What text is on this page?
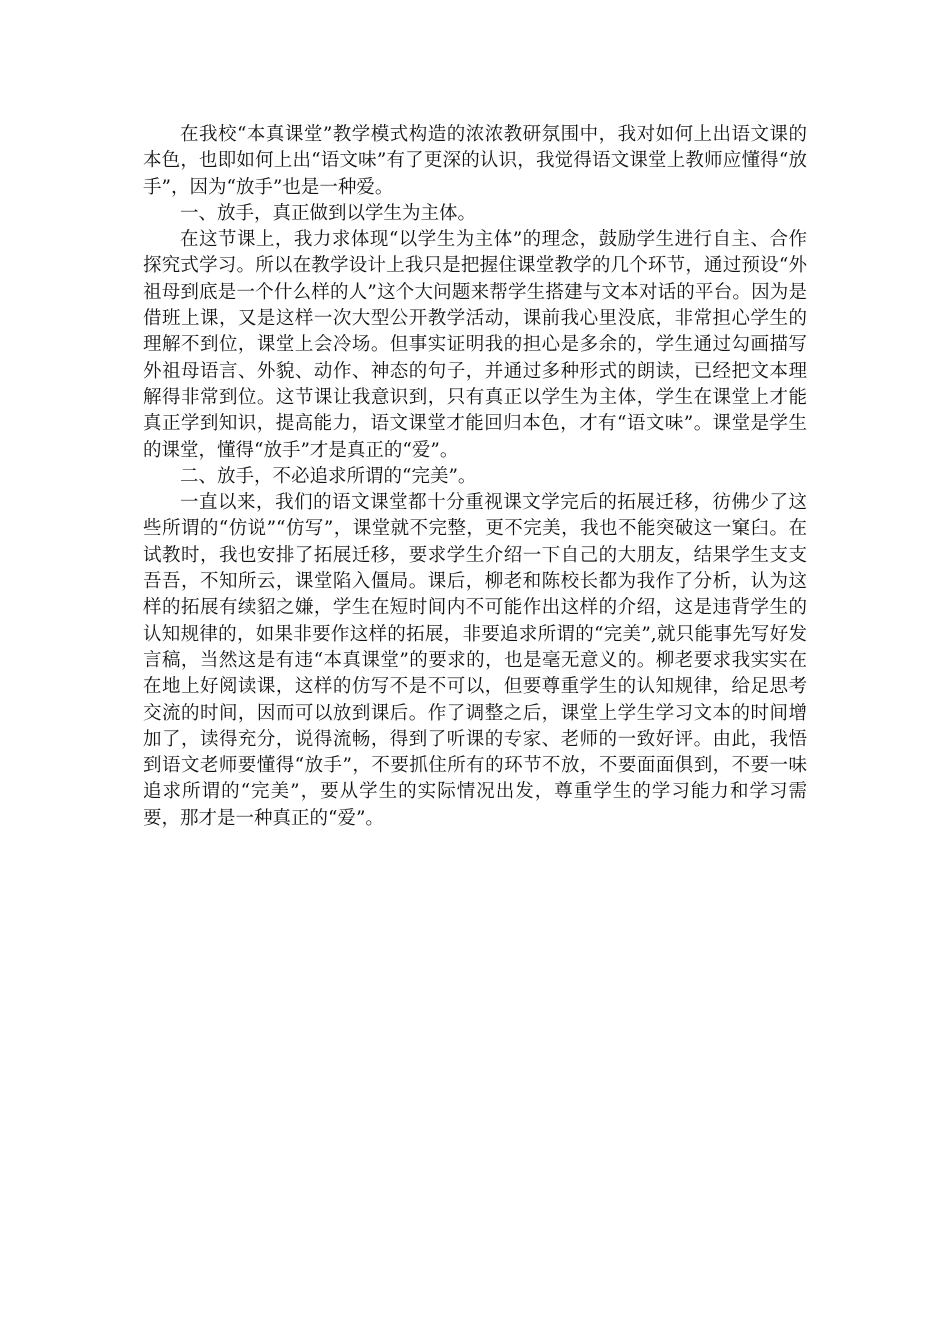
在我校“本真课堂”教学模式构造的浓浓教研氛围中，我对如何上出语文课的本色，也即如何上出“语文味”有了更深的认识，我觉得语文课堂上教师应懂得“放手”，因为“放手”也是一种爱。

一、放手，真正做到以学生为主体。

在这节课上，我力求体现“以学生为主体”的理念，鼓励学生进行自主、合作探究式学习。所以在教学设计上我只是把握住课堂教学的几个环节，通过预设“外祖母到底是一个什么样的人”这个大问题来帮学生搭建与文本对话的平台。因为是借班上课，又是这样一次大型公开教学活动，课前我心里没底，非常担心学生的理解不到位，课堂上会冷场。但事实证明我的担心是多余的，学生通过勾画描写外祖母语言、外貌、动作、神态的句子，并通过多种形式的朗读，已经把文本理解得非常到位。这节课让我意识到，只有真正以学生为主体，学生在课堂上才能真正学到知识，提高能力，语文课堂才能回归本色，才有“语文味”。课堂是学生的课堂，懂得“放手”才是真正的“爱”。

二、放手，不必追求所谓的“完美”。

一直以来，我们的语文课堂都十分重视课文学完后的拓展迁移，彷佛少了这些所谓的“仿说”“仿写”，课堂就不完整，更不完美，我也不能突破这一窠臼。在试教时，我也安排了拓展迁移，要求学生介绍一下自己的大朋友，结果学生支支吾吾，不知所云，课堂陷入僵局。课后，柳老和陈校长都为我作了分析，认为这样的拓展有续貂之嫌，学生在短时间内不可能作出这样的介绍，这是违背学生的认知规律的，如果非要作这样的拓展，非要追求所谓的“完美”,就只能事先写好发言稿，当然这是有违“本真课堂”的要求的，也是毫无意义的。柳老要求我实实在在地上好阅读课，这样的仿写不是不可以，但要尊重学生的认知规律，给足思考交流的时间，因而可以放到课后。作了调整之后，课堂上学生学习文本的时间增加了，读得充分，说得流畅，得到了听课的专家、老师的一致好评。由此，我悟到语文老师要懂得“放手”，不要抓住所有的环节不放，不要面面俱到，不要一味追求所谓的“完美”，要从学生的实际情况出发，尊重学生的学习能力和学习需要，那才是一种真正的“爱”。
